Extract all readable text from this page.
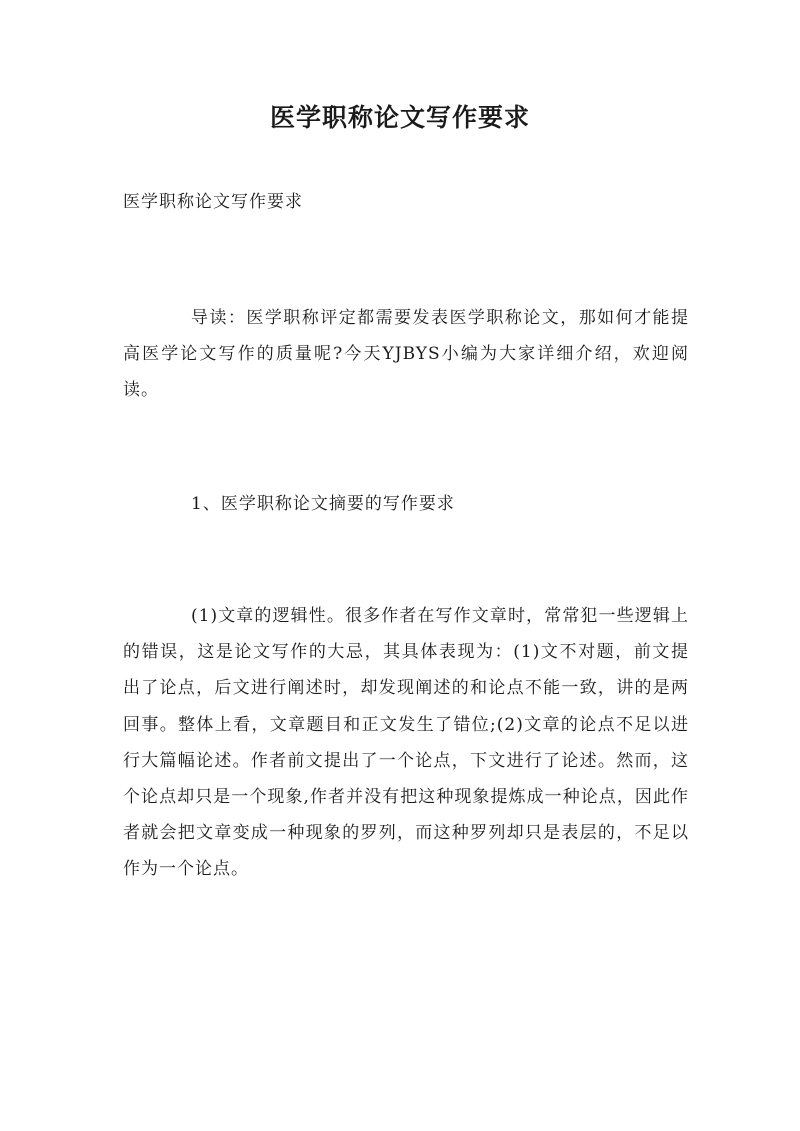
医学职称论文写作要求
医学职称论文写作要求

导读：医学职称评定都需要发表医学职称论文，那如何才能提高医学论文写作的质量呢?今天YJBYS小编为大家详细介绍，欢迎阅读。

1、医学职称论文摘要的写作要求

(1)文章的逻辑性。很多作者在写作文章时，常常犯一些逻辑上的错误，这是论文写作的大忌，其具体表现为：(1)文不对题，前文提出了论点，后文进行阐述时，却发现阐述的和论点不能一致，讲的是两回事。整体上看，文章题目和正文发生了错位;(2)文章的论点不足以进行大篇幅论述。作者前文提出了一个论点，下文进行了论述。然而，这个论点却只是一个现象,作者并没有把这种现象提炼成一种论点，因此作者就会把文章变成一种现象的罗列，而这种罗列却只是表层的，不足以作为一个论点。
